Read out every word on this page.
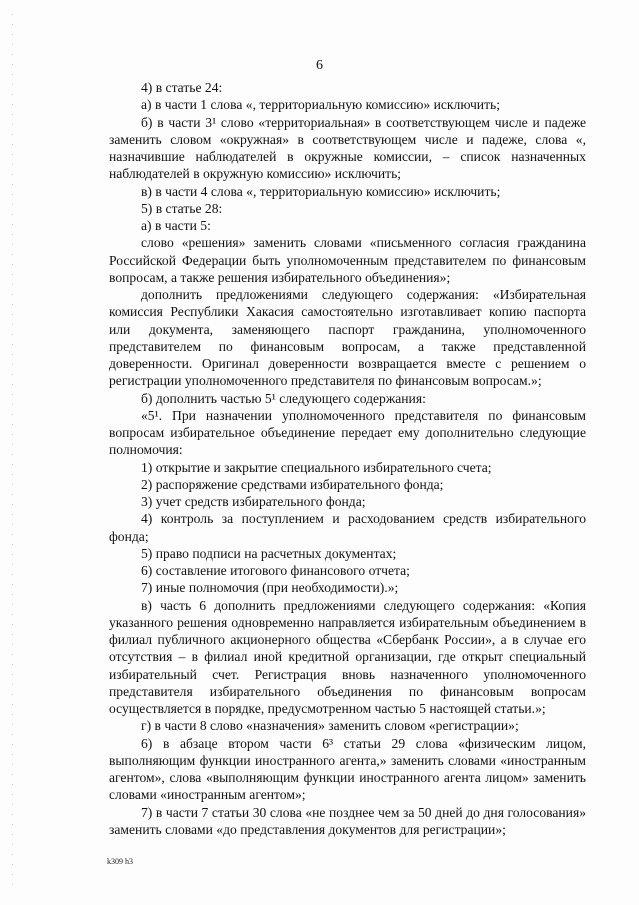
6

4) в статье 24:

а) в части 1 слова «, территориальную комиссию» исключить;

б) в части 3¹ слово «территориальная» в соответствующем числе и падеже заменить словом «окружная» в соответствующем числе и падеже, слова «, назначившие наблюдателей в окружные комиссии, – список назначенных наблюдателей в окружную комиссию» исключить;

в) в части 4 слова «, территориальную комиссию» исключить;

5) в статье 28:

а) в части 5:

слово «решения» заменить словами «письменного согласия гражданина Российской Федерации быть уполномоченным представителем по финансовым вопросам, а также решения избирательного объединения»;

дополнить предложениями следующего содержания: «Избирательная комиссия Республики Хакасия самостоятельно изготавливает копию паспорта или документа, заменяющего паспорт гражданина, уполномоченного представителем по финансовым вопросам, а также представленной доверенности. Оригинал доверенности возвращается вместе с решением о регистрации уполномоченного представителя по финансовым вопросам.»;

б) дополнить частью 5¹ следующего содержания:

«5¹. При назначении уполномоченного представителя по финансовым вопросам избирательное объединение передает ему дополнительно следующие полномочия:

1) открытие и закрытие специального избирательного счета;

2) распоряжение средствами избирательного фонда;

3) учет средств избирательного фонда;

4) контроль за поступлением и расходованием средств избирательного фонда;

5) право подписи на расчетных документах;

6) составление итогового финансового отчета;

7) иные полномочия (при необходимости).»;

в) часть 6 дополнить предложениями следующего содержания: «Копия указанного решения одновременно направляется избирательным объединением в филиал публичного акционерного общества «Сбербанк России», а в случае его отсутствия – в филиал иной кредитной организации, где открыт специальный избирательный счет. Регистрация вновь назначенного уполномоченного представителя избирательного объединения по финансовым вопросам осуществляется в порядке, предусмотренном частью 5 настоящей статьи.»;

г) в части 8 слово «назначения» заменить словом «регистрации»;

6) в абзаце втором части 6³ статьи 29 слова «физическим лицом, выполняющим функции иностранного агента,» заменить словами «иностранным агентом», слова «выполняющим функции иностранного агента лицом» заменить словами «иностранным агентом»;

7) в части 7 статьи 30 слова «не позднее чем за 50 дней до дня голосования» заменить словами «до представления документов для регистрации»;

k309 h3
